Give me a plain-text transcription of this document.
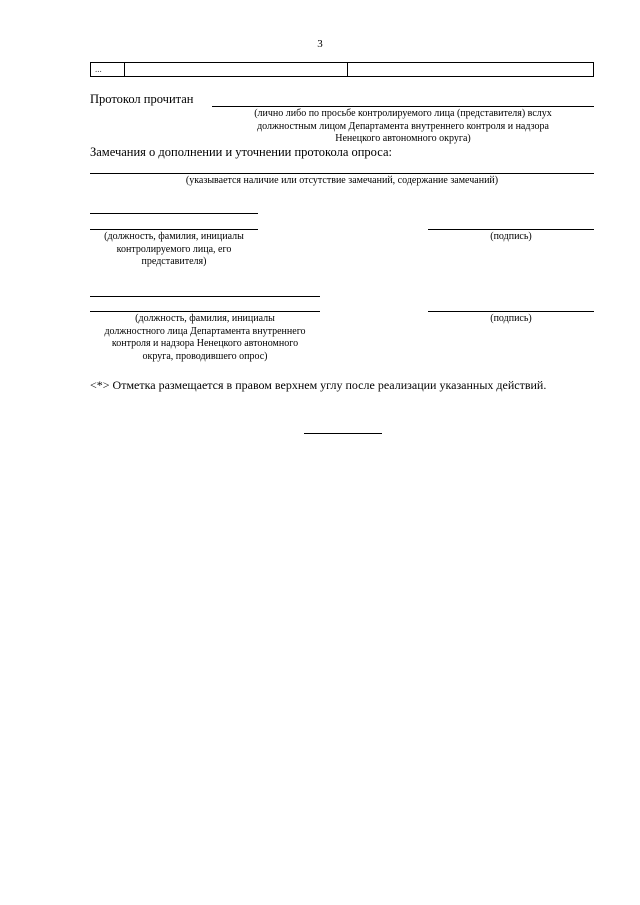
3
...		
Протокол прочитан
(лично либо по просьбе контролируемого лица (представителя) вслух
должностным лицом Департамента внутреннего контроля и надзора
Ненецкого автономного округа)
Замечания о дополнении и уточнении протокола опроса:
(указывается наличие или отсутствие замечаний, содержание замечаний)
(должность, фамилия, инициалы
контролируемого лица, его
представителя)
(подпись)
(должность, фамилия, инициалы
должностного лица Департамента внутреннего
контроля и надзора Ненецкого автономного
округа, проводившего опрос)
(подпись)
<*> Отметка размещается в правом верхнем углу после реализации указанных действий.
